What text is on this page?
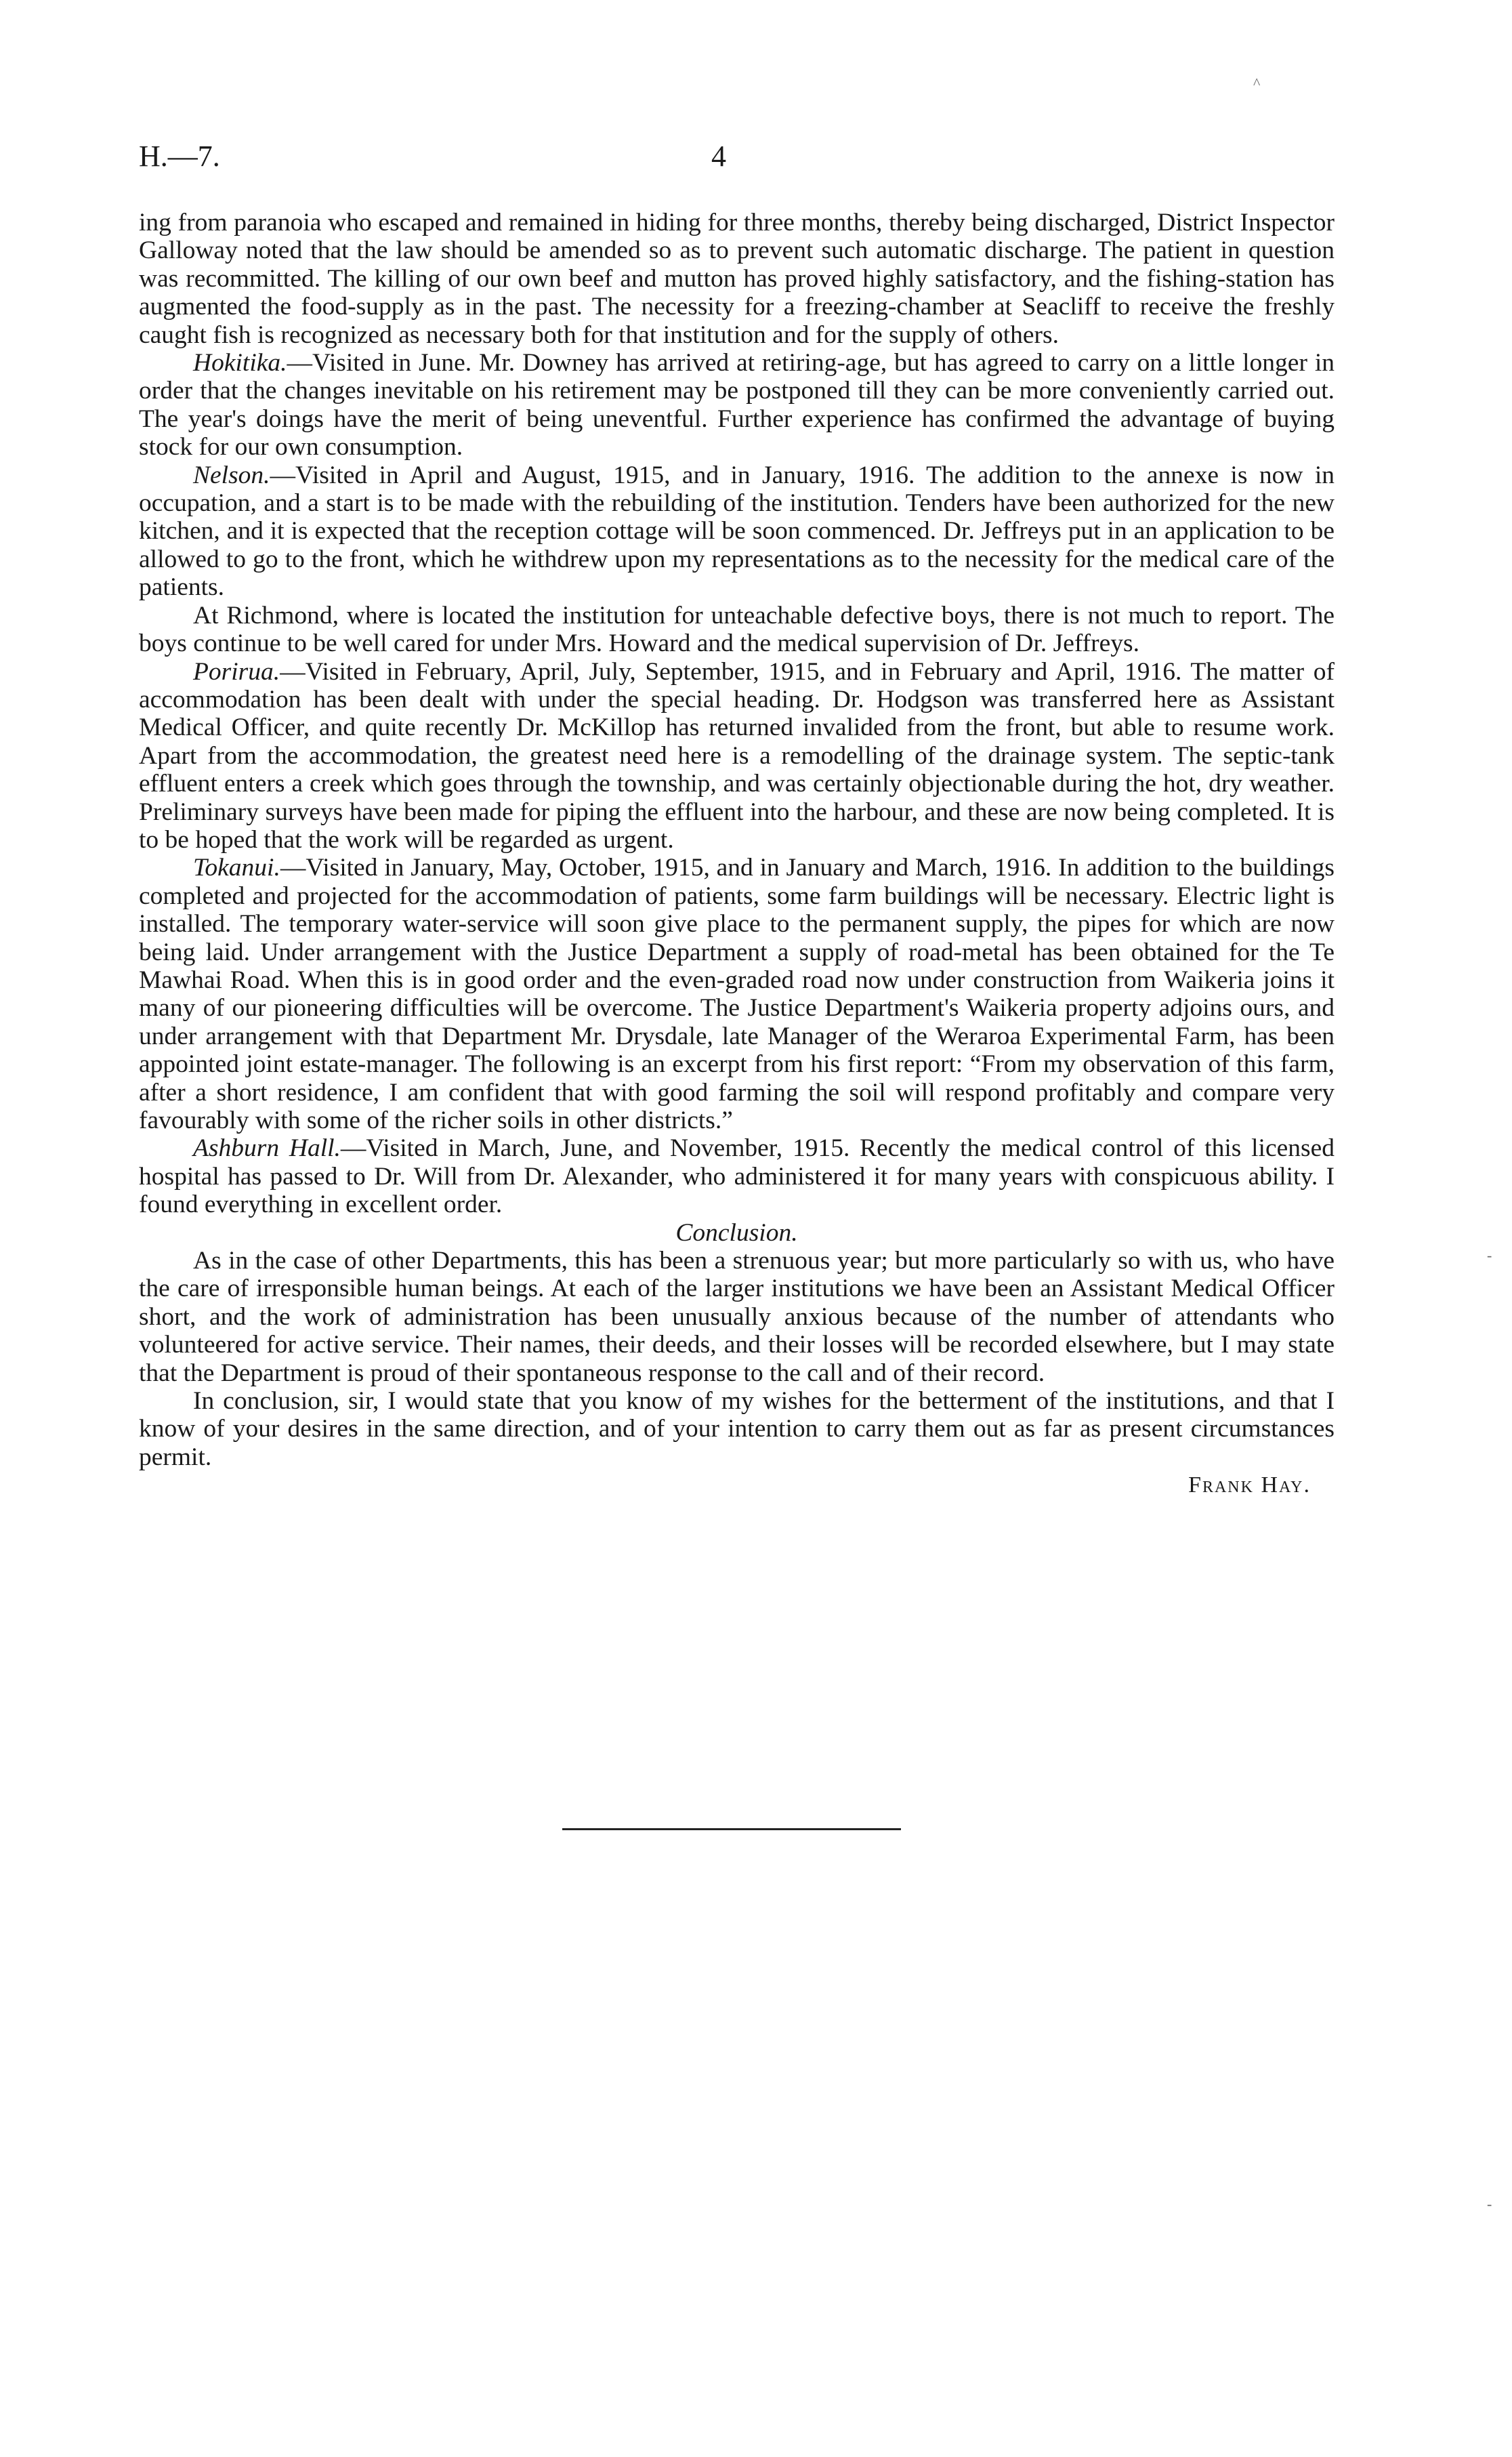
H.—7.	4

ing from paranoia who escaped and remained in hiding for three months, thereby being discharged, District Inspector Galloway noted that the law should be amended so as to prevent such automatic discharge. The patient in question was recommitted. The killing of our own beef and mutton has proved highly satisfactory, and the fishing-station has augmented the food-supply as in the past. The necessity for a freezing-chamber at Seacliff to receive the freshly caught fish is recognized as necessary both for that institution and for the supply of others.

Hokitika.—Visited in June. Mr. Downey has arrived at retiring-age, but has agreed to carry on a little longer in order that the changes inevitable on his retirement may be postponed till they can be more conveniently carried out. The year's doings have the merit of being uneventful. Further experience has confirmed the advantage of buying stock for our own consumption.

Nelson.—Visited in April and August, 1915, and in January, 1916. The addition to the annexe is now in occupation, and a start is to be made with the rebuilding of the institution. Tenders have been authorized for the new kitchen, and it is expected that the reception cottage will be soon commenced. Dr. Jeffreys put in an application to be allowed to go to the front, which he withdrew upon my representations as to the necessity for the medical care of the patients.

At Richmond, where is located the institution for unteachable defective boys, there is not much to report. The boys continue to be well cared for under Mrs. Howard and the medical supervision of Dr. Jeffreys.

Porirua.—Visited in February, April, July, September, 1915, and in February and April, 1916. The matter of accommodation has been dealt with under the special heading. Dr. Hodgson was transferred here as Assistant Medical Officer, and quite recently Dr. McKillop has returned invalided from the front, but able to resume work. Apart from the accommodation, the greatest need here is a remodelling of the drainage system. The septic-tank effluent enters a creek which goes through the township, and was certainly objectionable during the hot, dry weather. Preliminary surveys have been made for piping the effluent into the harbour, and these are now being completed. It is to be hoped that the work will be regarded as urgent.

Tokanui.—Visited in January, May, October, 1915, and in January and March, 1916. In addition to the buildings completed and projected for the accommodation of patients, some farm buildings will be necessary. Electric light is installed. The temporary water-service will soon give place to the permanent supply, the pipes for which are now being laid. Under arrangement with the Justice Department a supply of road-metal has been obtained for the Te Mawhai Road. When this is in good order and the even-graded road now under construction from Waikeria joins it many of our pioneering difficulties will be overcome. The Justice Department's Waikeria property adjoins ours, and under arrangement with that Department Mr. Drysdale, late Manager of the Weraroa Experimental Farm, has been appointed joint estate-manager. The following is an excerpt from his first report: “From my observation of this farm, after a short residence, I am confident that with good farming the soil will respond profitably and compare very favourably with some of the richer soils in other districts.”

Ashburn Hall.—Visited in March, June, and November, 1915. Recently the medical control of this licensed hospital has passed to Dr. Will from Dr. Alexander, who administered it for many years with conspicuous ability. I found everything in excellent order.

Conclusion.

As in the case of other Departments, this has been a strenuous year; but more particularly so with us, who have the care of irresponsible human beings. At each of the larger institutions we have been an Assistant Medical Officer short, and the work of administration has been unusually anxious because of the number of attendants who volunteered for active service. Their names, their deeds, and their losses will be recorded elsewhere, but I may state that the Department is proud of their spontaneous response to the call and of their record.

In conclusion, sir, I would state that you know of my wishes for the betterment of the institutions, and that I know of your desires in the same direction, and of your intention to carry them out as far as present circumstances permit.

Frank Hay.

^
-
-
